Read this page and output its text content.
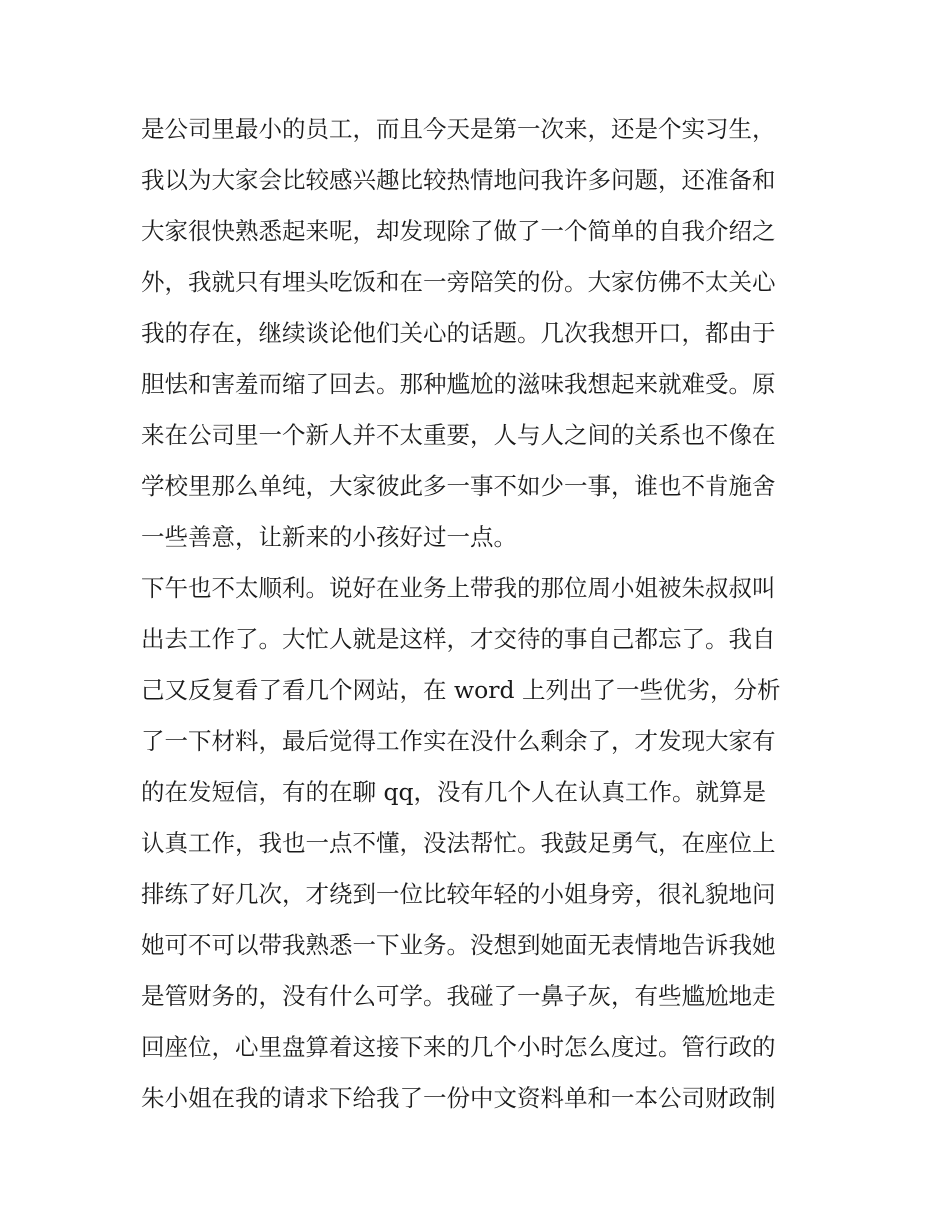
是公司里最小的员工，而且今天是第一次来，还是个实习生，
我以为大家会比较感兴趣比较热情地问我许多问题，还准备和
大家很快熟悉起来呢，却发现除了做了一个简单的自我介绍之
外，我就只有埋头吃饭和在一旁陪笑的份。大家仿佛不太关心
我的存在，继续谈论他们关心的话题。几次我想开口，都由于
胆怯和害羞而缩了回去。那种尴尬的滋味我想起来就难受。原
来在公司里一个新人并不太重要，人与人之间的关系也不像在
学校里那么单纯，大家彼此多一事不如少一事，谁也不肯施舍
一些善意，让新来的小孩好过一点。
下午也不太顺利。说好在业务上带我的那位周小姐被朱叔叔叫
出去工作了。大忙人就是这样，才交待的事自己都忘了。我自
己又反复看了看几个网站，在 word 上列出了一些优劣，分析
了一下材料，最后觉得工作实在没什么剩余了，才发现大家有
的在发短信，有的在聊 qq，没有几个人在认真工作。就算是
认真工作，我也一点不懂，没法帮忙。我鼓足勇气，在座位上
排练了好几次，才绕到一位比较年轻的小姐身旁，很礼貌地问
她可不可以带我熟悉一下业务。没想到她面无表情地告诉我她
是管财务的，没有什么可学。我碰了一鼻子灰，有些尴尬地走
回座位，心里盘算着这接下来的几个小时怎么度过。管行政的
朱小姐在我的请求下给我了一份中文资料单和一本公司财政制
